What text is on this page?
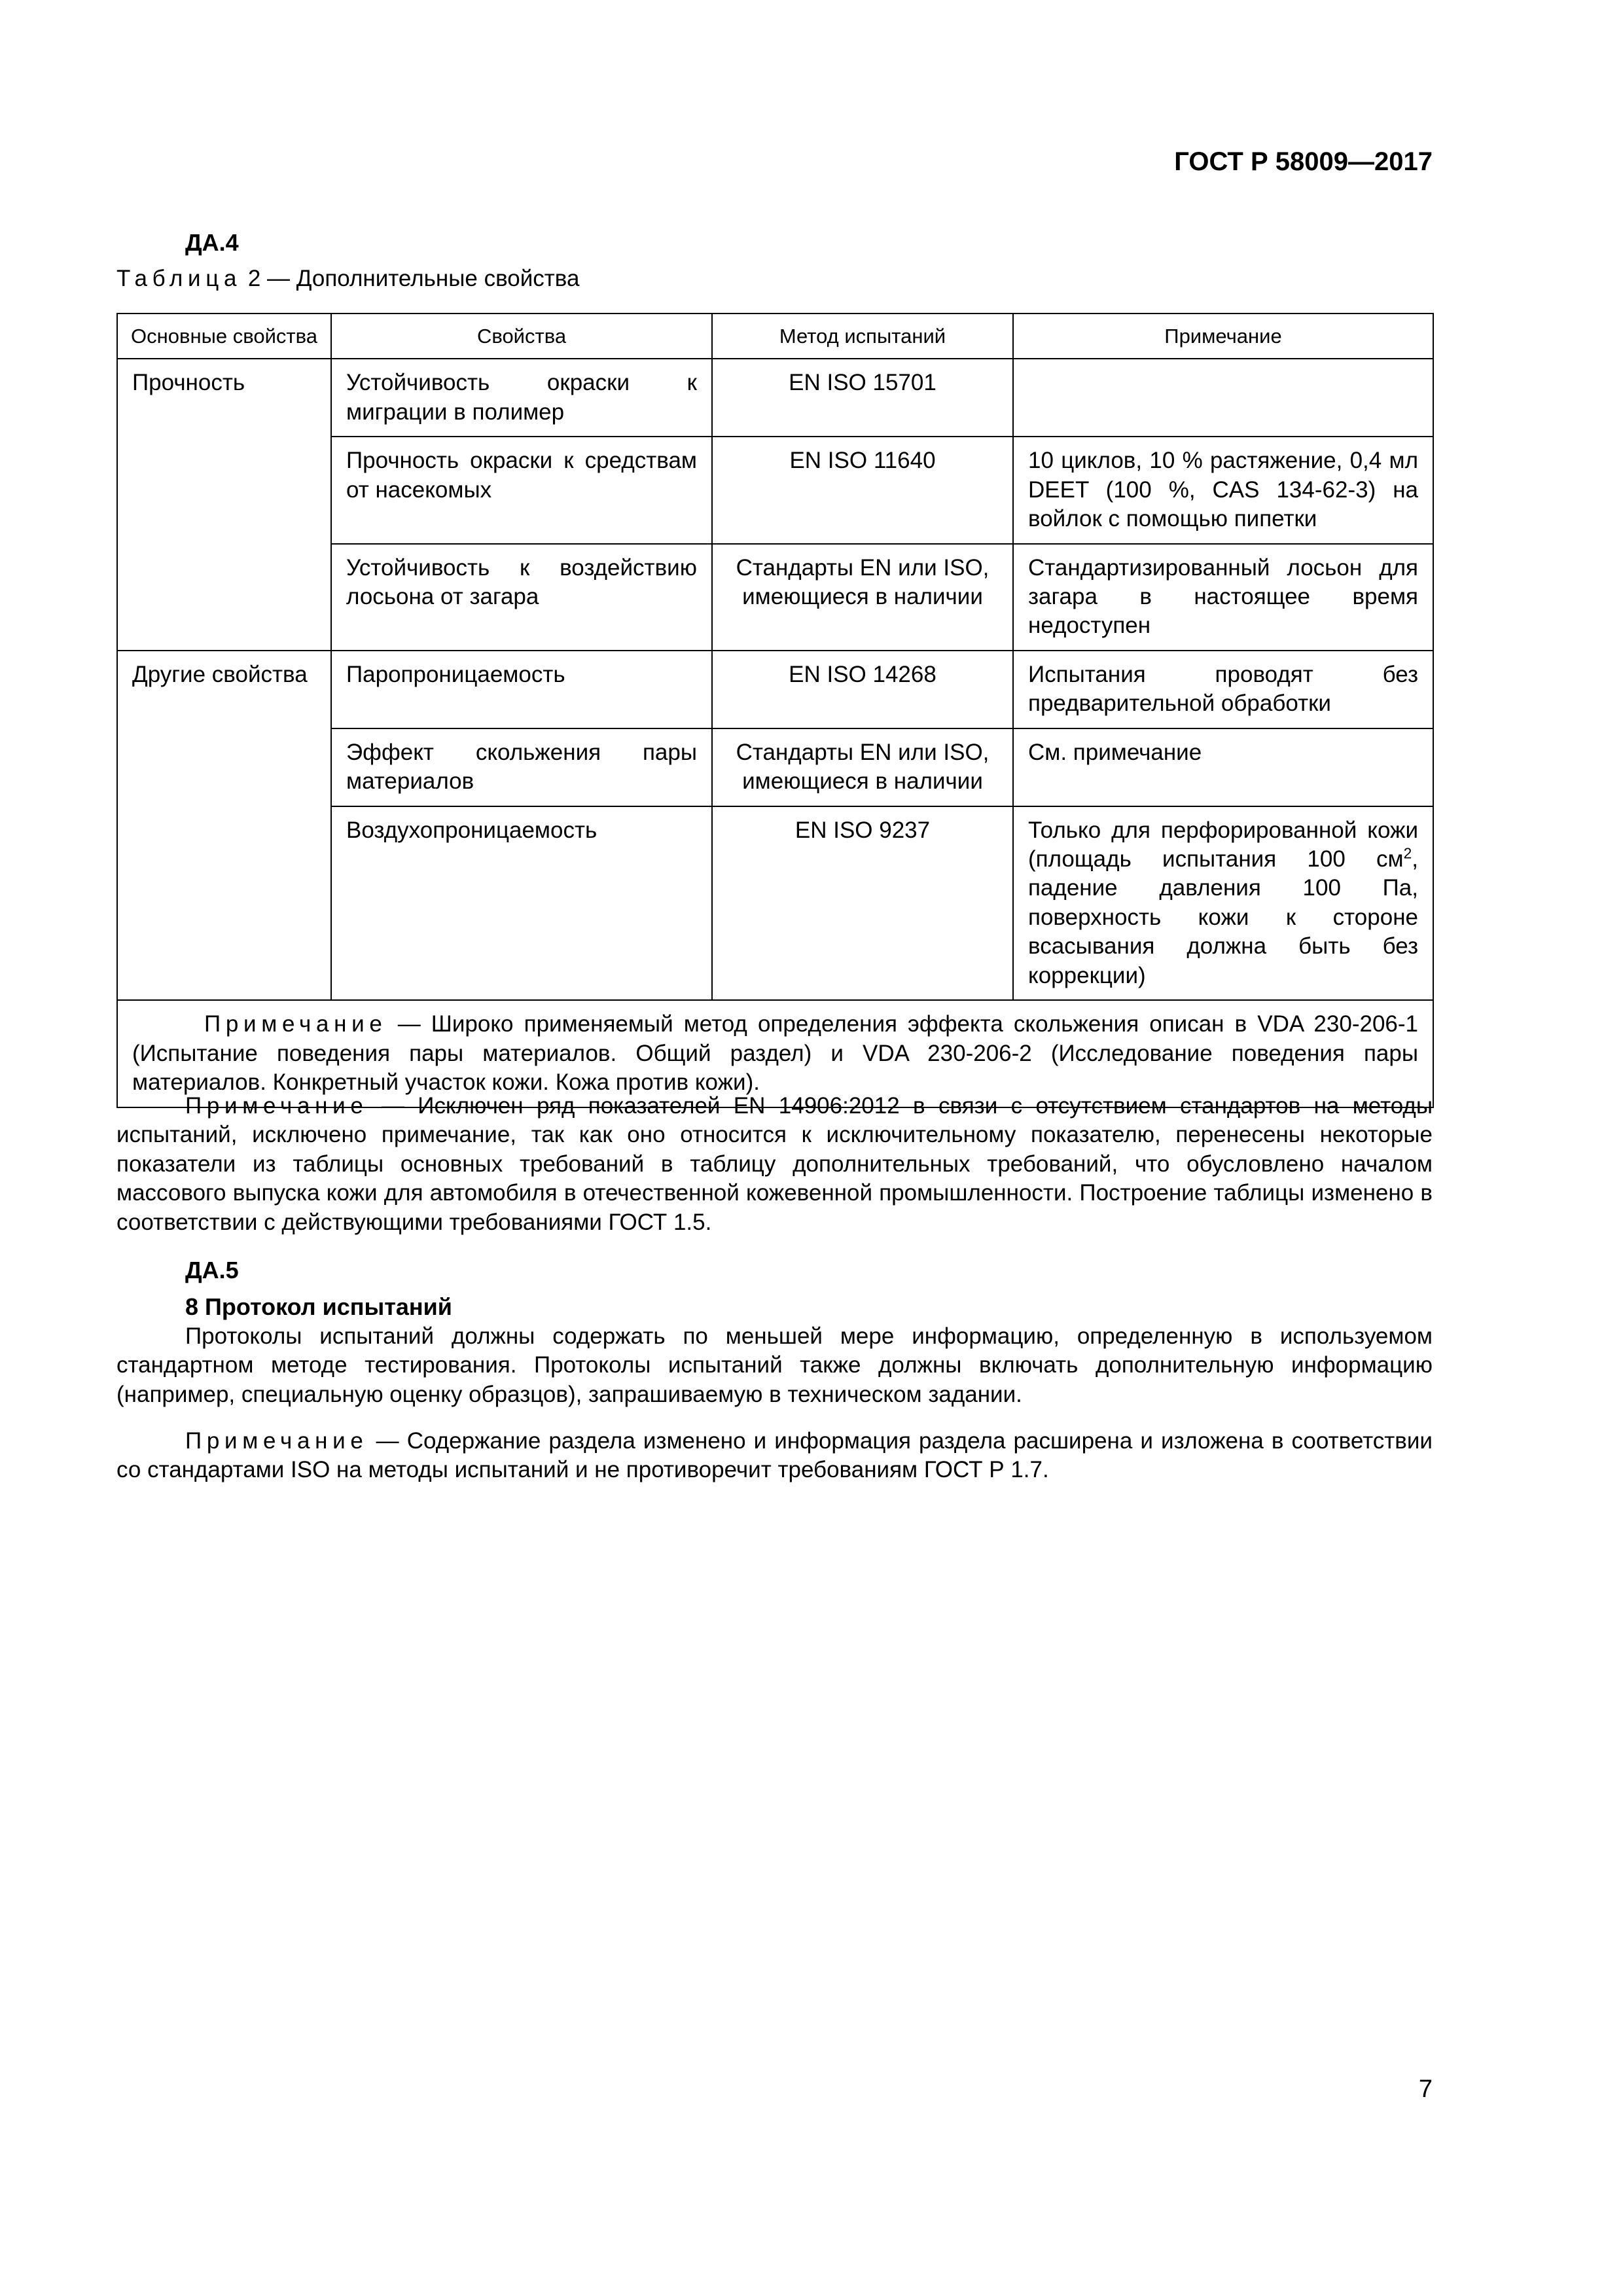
ГОСТ Р 58009—2017
ДА.4
Таблица 2 — Дополнительные свойства
Основные свойства	Свойства	Метод испытаний	Примечание
Прочность	Устойчивость окраски к миграции в полимер	EN ISO 15701	
	Прочность окраски к средствам от насекомых	EN ISO 11640	10 циклов, 10 % растяжение, 0,4 мл DEET (100 %, CAS 134-62-3) на войлок с помощью пипетки
	Устойчивость к воздействию лосьона от загара	Стандарты EN или ISO, имеющиеся в наличии	Стандартизированный лосьон для загара в настоящее время недоступен
Другие свойства	Паропроницаемость	EN ISO 14268	Испытания проводят без предварительной обработки
	Эффект скольжения пары материалов	Стандарты EN или ISO, имеющиеся в наличии	См. примечание
	Воздухопроницаемость	EN ISO 9237	Только для перфорированной кожи (площадь испытания 100 $см^2$, падение давления 100 Па, поверхность кожи к стороне всасывания должна быть без коррекции)

Примечание — Широко применяемый метод определения эффекта скольжения описан в VDA 230-206-1 (Испытание поведения пары материалов. Общий раздел) и VDA 230-206-2 (Исследование поведения пары материалов. Конкретный участок кожи. Кожа против кожи).			
Примечание — Исключен ряд показателей EN 14906:2012 в связи с отсутствием стандартов на методы испытаний, исключено примечание, так как оно относится к исключительному показателю, перенесены некоторые показатели из таблицы основных требований в таблицу дополнительных требований, что обусловлено началом массового выпуска кожи для автомобиля в отечественной кожевенной промышленности. Построение таблицы изменено в соответствии с действующими требованиями ГОСТ 1.5.
ДА.5
8 Протокол испытаний
Протоколы испытаний должны содержать по меньшей мере информацию, определенную в используемом стандартном методе тестирования. Протоколы испытаний также должны включать дополнительную информацию (например, специальную оценку образцов), запрашиваемую в техническом задании.
Примечание — Содержание раздела изменено и информация раздела расширена и изложена в соответствии со стандартами ISO на методы испытаний и не противоречит требованиям ГОСТ Р 1.7.
7
